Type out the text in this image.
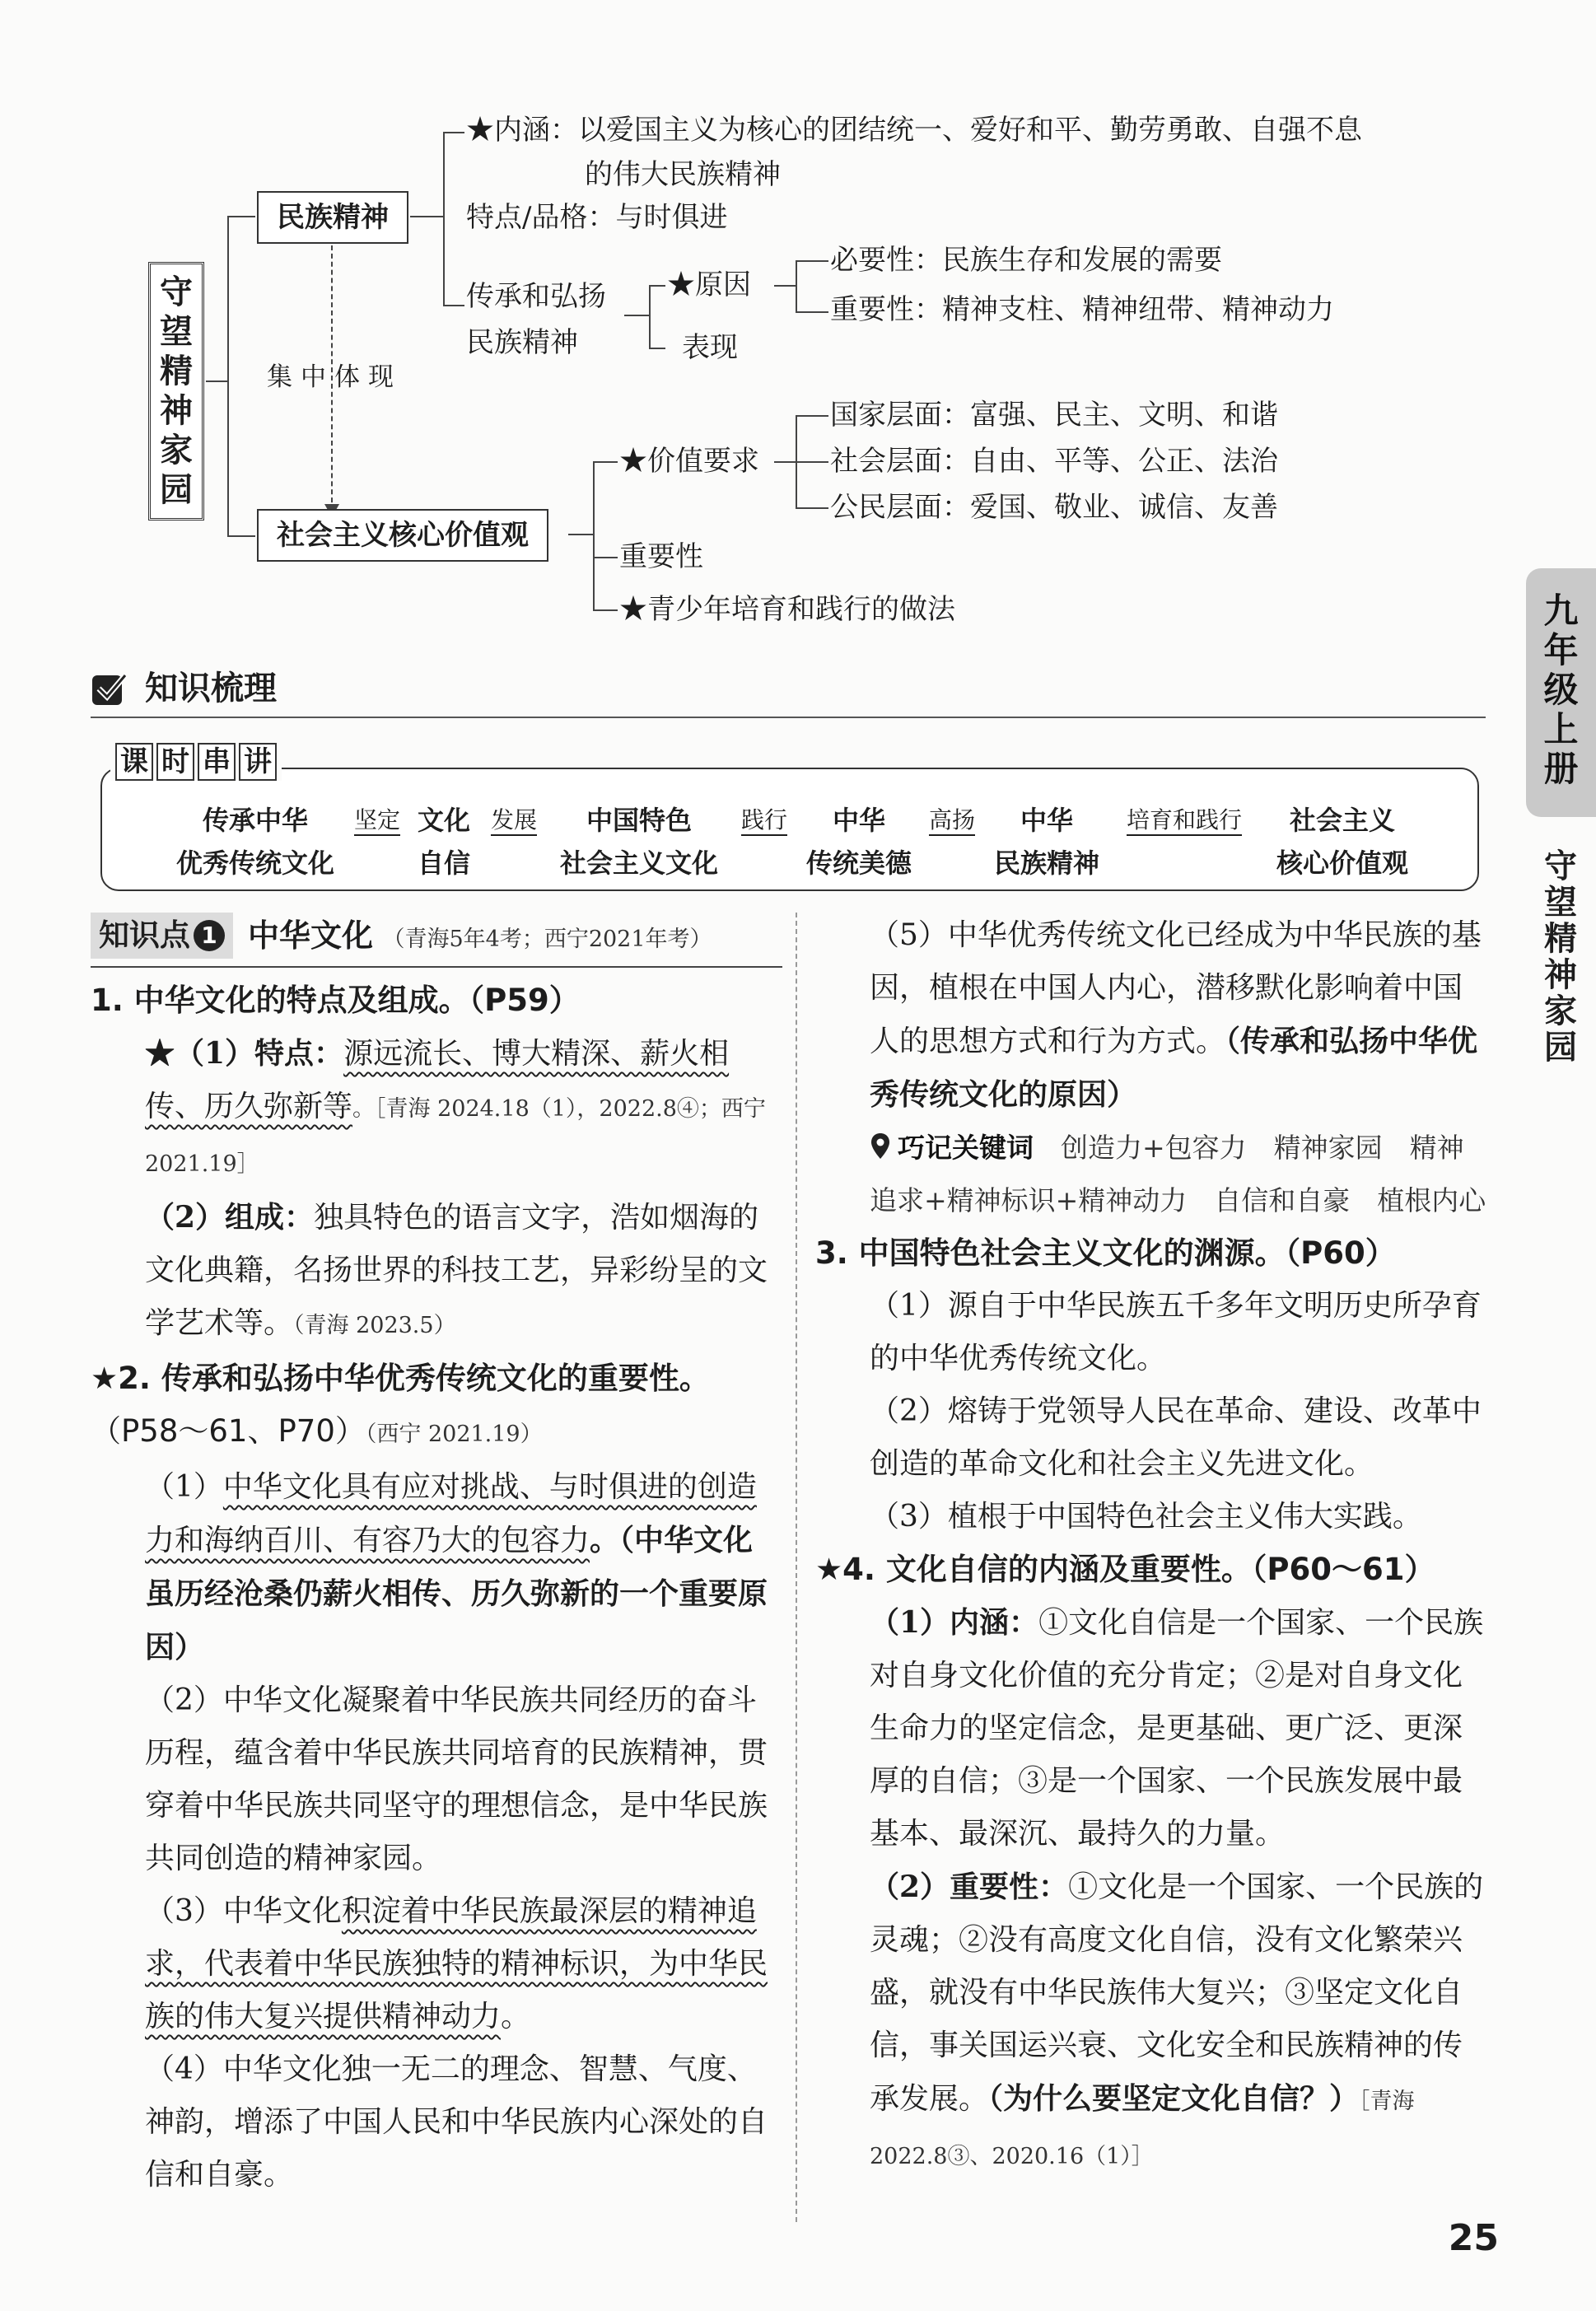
守
望
精
神
家
园
民族精神
★内涵：以爱国主义为核心的团结统一、爱好和平、勤劳勇敢、自强不息
的伟大民族精神
特点/品格：与时俱进
传承和弘扬
民族精神
★原因
表现
必要性：民族生存和发展的需要
重要性：精神支柱、精神纽带、精神动力
集中体现
社会主义核心价值观
★价值要求
重要性
★青少年培育和践行的做法
国家层面：富强、民主、文明、和谐
社会层面：自由、平等、公正、法治
公民层面：爱国、敬业、诚信、友善
知识梳理
课 时 串 讲
传承中华
优秀传统文化
坚定 文化
自信
发展	中国特色
社会主义文化
践行	中华
传统美德
高扬	中华
民族精神
培育和践行	社会主义
核心价值观
知识点 1 中华文化 （青海5年4考；西宁2021年考）

1. 中华文化的特点及组成。（P59）

★（1）特点：源远流长、博大精深、薪火相传、历久弥新等。［青海 2024.18（1），2022.8④；西宁2021.19］

（2）组成：独具特色的语言文字，浩如烟海的文化典籍，名扬世界的科技工艺，异彩纷呈的文学艺术等。（青海 2023.5）

★2. 传承和弘扬中华优秀传统文化的重要性。

（P58～61、P70）（西宁 2021.19）

（1）中华文化具有应对挑战、与时俱进的创造力和海纳百川、有容乃大的包容力。（中华文化虽历经沧桑仍薪火相传、历久弥新的一个重要原因）

（2）中华文化凝聚着中华民族共同经历的奋斗历程，蕴含着中华民族共同培育的民族精神，贯穿着中华民族共同坚守的理想信念，是中华民族共同创造的精神家园。

（3）中华文化积淀着中华民族最深层的精神追求，代表着中华民族独特的精神标识，为中华民族的伟大复兴提供精神动力。

（4）中华文化独一无二的理念、智慧、气度、神韵，增添了中国人民和中华民族内心深处的自信和自豪。

（5）中华优秀传统文化已经成为中华民族的基因，植根在中国人内心，潜移默化影响着中国人的思想方式和行为方式。（传承和弘扬中华优秀传统文化的原因）

巧记关键词　 创造力+包容力　精神家园　精神追求+精神标识+精神动力　自信和自豪　植根内心

3. 中国特色社会主义文化的渊源。（P60）

（1）源自于中华民族五千多年文明历史所孕育的中华优秀传统文化。

（2）熔铸于党领导人民在革命、建设、改革中创造的革命文化和社会主义先进文化。

（3）植根于中国特色社会主义伟大实践。

★4. 文化自信的内涵及重要性。（P60～61）

（1）内涵：①文化自信是一个国家、一个民族对自身文化价值的充分肯定；②是对自身文化生命力的坚定信念，是更基础、更广泛、更深厚的自信；③是一个国家、一个民族发展中最基本、最深沉、最持久的力量。

（2）重要性：①文化是一个国家、一个民族的灵魂；②没有高度文化自信，没有文化繁荣兴盛，就没有中华民族伟大复兴；③坚定文化自信，事关国运兴衰、文化安全和民族精神的传承发展。（为什么要坚定文化自信？）［青海 2022.8③、2020.16（1）］

九
年
级
上
册
守
望
精
神
家
园
25
